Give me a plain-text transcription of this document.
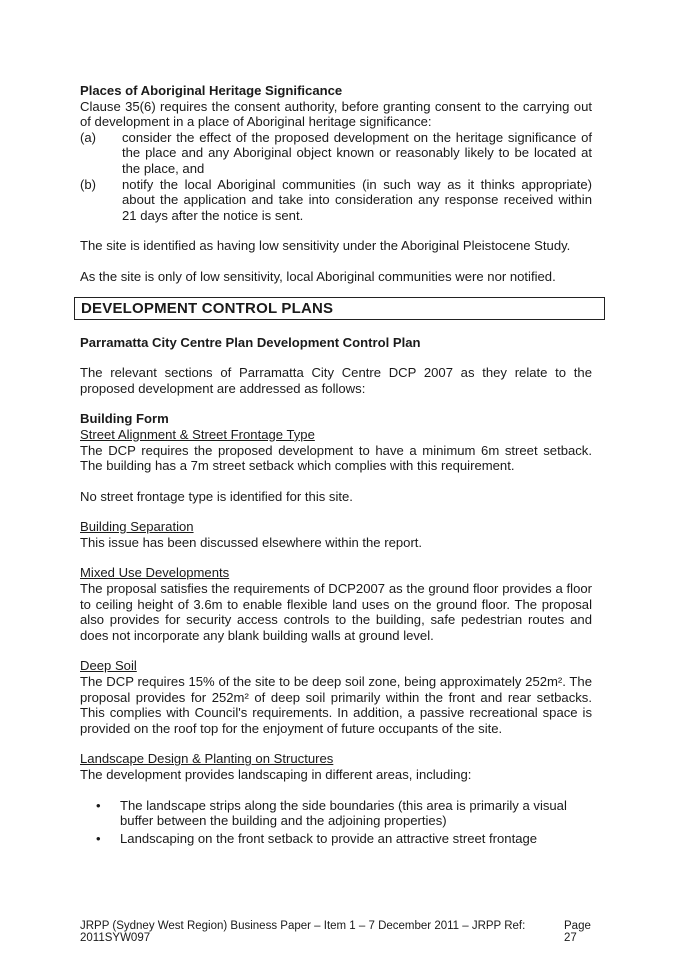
Places of Aboriginal Heritage Significance

Clause 35(6) requires the consent authority, before granting consent to the carrying out of development in a place of Aboriginal heritage significance:

(a)	consider the effect of the proposed development on the heritage significance of the place and any Aboriginal object known or reasonably likely to be located at the place, and
(b)	notify the local Aboriginal communities (in such way as it thinks appropriate) about the application and take into consideration any response received within 21 days after the notice is sent.

The site is identified as having low sensitivity under the Aboriginal Pleistocene Study.

As the site is only of low sensitivity, local Aboriginal communities were nor notified.

DEVELOPMENT CONTROL PLANS
Parramatta City Centre Plan Development Control Plan

The relevant sections of Parramatta City Centre DCP 2007 as they relate to the proposed development are addressed as follows:

Building Form
Street Alignment & Street Frontage Type

The DCP requires the proposed development to have a minimum 6m street setback. The building has a 7m street setback which complies with this requirement.

No street frontage type is identified for this site.

Building Separation

This issue has been discussed elsewhere within the report.

Mixed Use Developments

The proposal satisfies the requirements of DCP2007 as the ground floor provides a floor to ceiling height of 3.6m to enable flexible land uses on the ground floor. The proposal also provides for security access controls to the building, safe pedestrian routes and does not incorporate any blank building walls at ground level.

Deep Soil

The DCP requires 15% of the site to be deep soil zone, being approximately 252m². The proposal provides for 252m² of deep soil primarily within the front and rear setbacks. This complies with Council's requirements. In addition, a passive recreational space is provided on the roof top for the enjoyment of future occupants of the site.

Landscape Design & Planting on Structures

The development provides landscaping in different areas, including:

•	The landscape strips along the side boundaries (this area is primarily a visual buffer between the building and the adjoining properties)
•	Landscaping on the front setback to provide an attractive street frontage
JRPP (Sydney West Region) Business Paper – Item 1 – 7 December 2011 – JRPP Ref: 2011SYW097
Page 27
